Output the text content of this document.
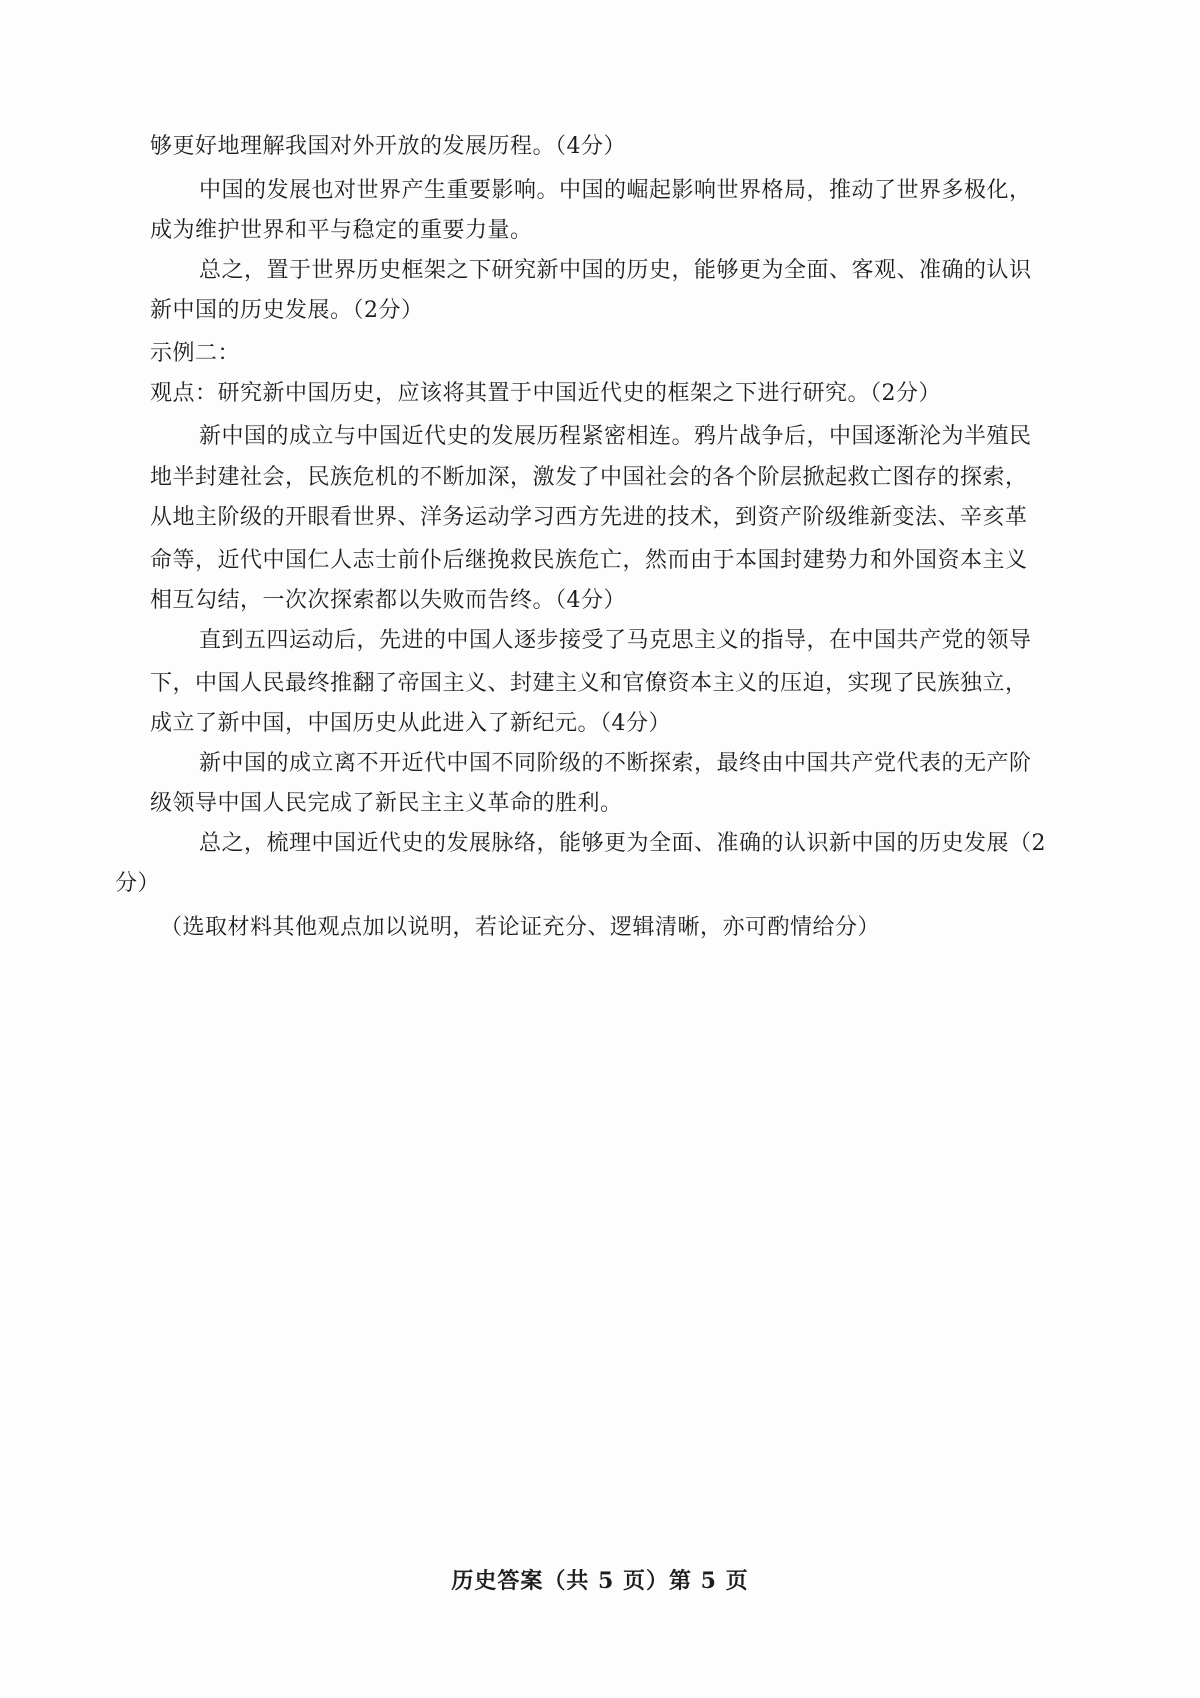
够更好地理解我国对外开放的发展历程。（4分）
中国的发展也对世界产生重要影响。中国的崛起影响世界格局，推动了世界多极化，
成为维护世界和平与稳定的重要力量。
总之，置于世界历史框架之下研究新中国的历史，能够更为全面、客观、准确的认识
新中国的历史发展。（2分）
示例二：
观点：研究新中国历史，应该将其置于中国近代史的框架之下进行研究。（2分）
新中国的成立与中国近代史的发展历程紧密相连。鸦片战争后，中国逐渐沦为半殖民
地半封建社会，民族危机的不断加深，激发了中国社会的各个阶层掀起救亡图存的探索，
从地主阶级的开眼看世界、洋务运动学习西方先进的技术，到资产阶级维新变法、辛亥革
命等，近代中国仁人志士前仆后继挽救民族危亡，然而由于本国封建势力和外国资本主义
相互勾结，一次次探索都以失败而告终。（4分）
直到五四运动后，先进的中国人逐步接受了马克思主义的指导，在中国共产党的领导
下，中国人民最终推翻了帝国主义、封建主义和官僚资本主义的压迫，实现了民族独立，
成立了新中国，中国历史从此进入了新纪元。（4分）
新中国的成立离不开近代中国不同阶级的不断探索，最终由中国共产党代表的无产阶
级领导中国人民完成了新民主主义革命的胜利。
总之，梳理中国近代史的发展脉络，能够更为全面、准确的认识新中国的历史发展（2
分）
（选取材料其他观点加以说明，若论证充分、逻辑清晰，亦可酌情给分）
历史答案（共 5 页）第 5 页
